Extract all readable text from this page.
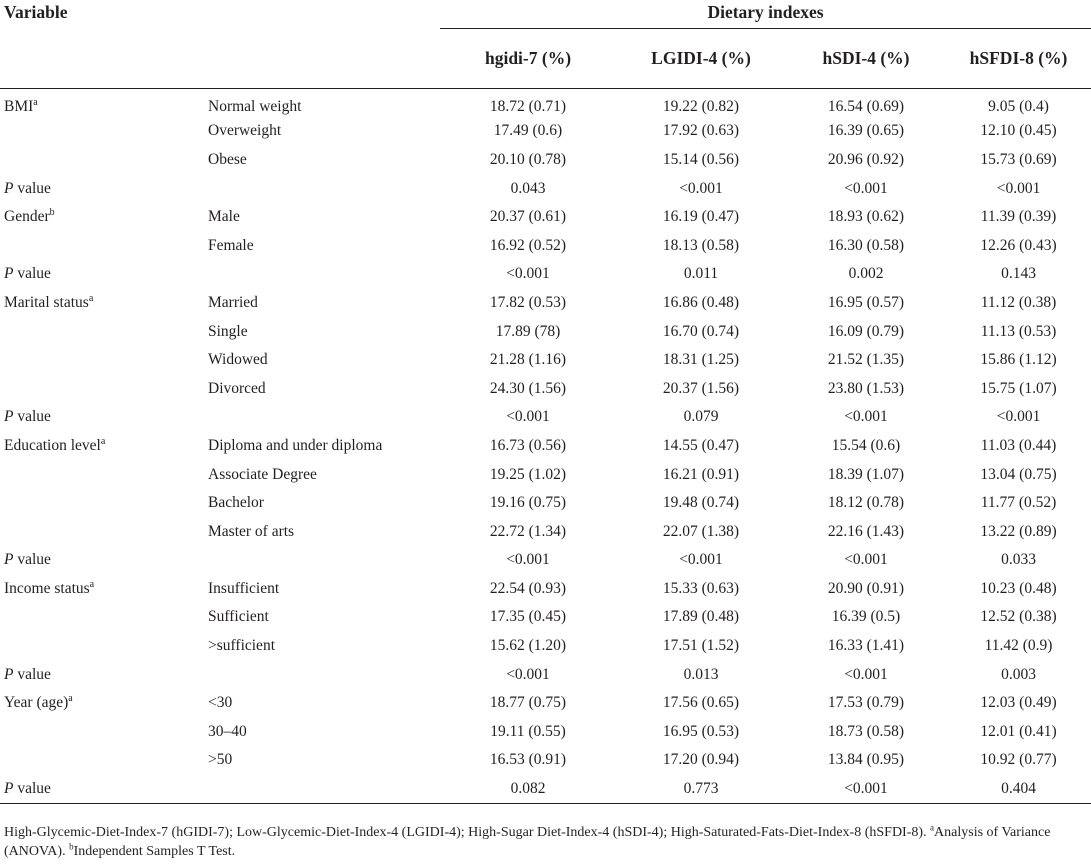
Variable		Dietary indexes			
		hgidi-7 (%)	LGIDI-4 (%)	hSDI-4 (%)	hSFDI-8 (%)

BMI$^a$	Normal weight	18.72 (0.71)	19.22 (0.82)	16.54 (0.69)	9.05 (0.4)
	Overweight	17.49 (0.6)	17.92 (0.63)	16.39 (0.65)	12.10 (0.45)
	Obese	20.10 (0.78)	15.14 (0.56)	20.96 (0.92)	15.73 (0.69)
P value		0.043	<0.001	<0.001	<0.001
Gender$^b$	Male	20.37 (0.61)	16.19 (0.47)	18.93 (0.62)	11.39 (0.39)
	Female	16.92 (0.52)	18.13 (0.58)	16.30 (0.58)	12.26 (0.43)
P value		<0.001	0.011	0.002	0.143
Marital status$^a$	Married	17.82 (0.53)	16.86 (0.48)	16.95 (0.57)	11.12 (0.38)
	Single	17.89 (78)	16.70 (0.74)	16.09 (0.79)	11.13 (0.53)
	Widowed	21.28 (1.16)	18.31 (1.25)	21.52 (1.35)	15.86 (1.12)
	Divorced	24.30 (1.56)	20.37 (1.56)	23.80 (1.53)	15.75 (1.07)
P value		<0.001	0.079	<0.001	<0.001
Education level$^a$	Diploma and under diploma	16.73 (0.56)	14.55 (0.47)	15.54 (0.6)	11.03 (0.44)
	Associate Degree	19.25 (1.02)	16.21 (0.91)	18.39 (1.07)	13.04 (0.75)
	Bachelor	19.16 (0.75)	19.48 (0.74)	18.12 (0.78)	11.77 (0.52)
	Master of arts	22.72 (1.34)	22.07 (1.38)	22.16 (1.43)	13.22 (0.89)
P value		<0.001	<0.001	<0.001	0.033
Income status$^a$	Insufficient	22.54 (0.93)	15.33 (0.63)	20.90 (0.91)	10.23 (0.48)
	Sufficient	17.35 (0.45)	17.89 (0.48)	16.39 (0.5)	12.52 (0.38)
	>sufficient	15.62 (1.20)	17.51 (1.52)	16.33 (1.41)	11.42 (0.9)
P value		<0.001	0.013	<0.001	0.003
Year (age)$^a$	<30	18.77 (0.75)	17.56 (0.65)	17.53 (0.79)	12.03 (0.49)
	30–40	19.11 (0.55)	16.95 (0.53)	18.73 (0.58)	12.01 (0.41)
	>50	16.53 (0.91)	17.20 (0.94)	13.84 (0.95)	10.92 (0.77)
P value		0.082	0.773	<0.001	0.404
High-Glycemic-Diet-Index-7 (hGIDI-7); Low-Glycemic-Diet-Index-4 (LGIDI-4); High-Sugar Diet-Index-4 (hSDI-4); High-Saturated-Fats-Diet-Index-8 (hSFDI-8). $^a$Analysis of Variance (ANOVA). $^b$Independent Samples T Test.
